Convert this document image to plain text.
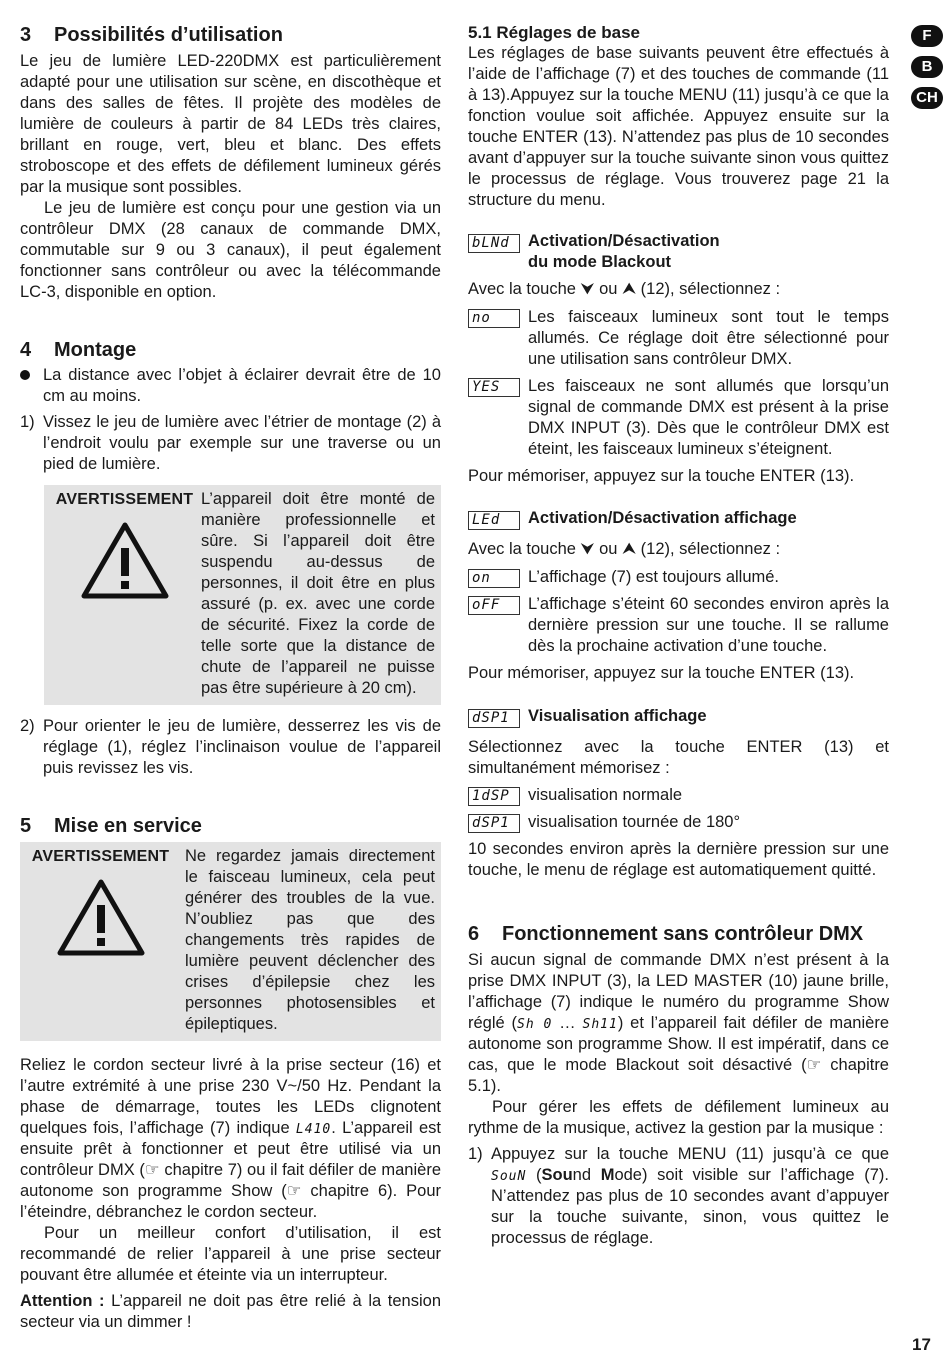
F
B
CH
3 Possibilités d’utilisation

Le jeu de lumière LED-220DMX est particulièrement adapté pour une utilisation sur scène, en discothèque et dans des salles de fêtes. Il projète des modèles de lumière de couleurs à partir de 84 LEDs très claires, brillant en rouge, vert, bleu et blanc. Des effets stroboscope et des effets de défilement lumineux gérés par la musique sont possibles.

Le jeu de lumière est conçu pour une gestion via un contrôleur DMX (28 canaux de commande DMX, commutable sur 9 ou 3 canaux), il peut également fonctionner sans contrôleur ou avec la télécommande LC-3, disponible en option.

4 Montage

La distance avec l’objet à éclairer devrait être de 10 cm au moins.

1) Vissez le jeu de lumière avec l’étrier de montage (2) à l’endroit voulu par exemple sur une traverse ou un pied de lumière.

AVERTISSEMENT L’appareil doit être monté de manière professionnelle et sûre. Si l’appareil doit être suspendu au-dessus de personnes, il doit être en plus assuré (p. ex. avec une corde de sécurité. Fixez la corde de telle sorte que la distance de chute de l’appareil ne puisse pas être supérieure à 20 cm).

2) Pour orienter le jeu de lumière, desserrez les vis de réglage (1), réglez l’inclinaison voulue de l’appareil puis revissez les vis.

5 Mise en service
AVERTISSEMENT Ne regardez jamais directement le faisceau lumineux, cela peut générer des troubles de la vue. N’oubliez pas que des changements très rapides de lumière peuvent déclencher des crises d’épilepsie chez les personnes photosensibles et épileptiques.

Reliez le cordon secteur livré à la prise secteur (16) et l’autre extrémité à une prise 230 V~/50 Hz. Pendant la phase de démarrage, toutes les LEDs clignotent quelques fois, l’affichage (7) indique L410. L’appareil est ensuite prêt à fonctionner et peut être utilisé via un contrôleur DMX (☞ chapitre 7) ou il fait défiler de manière autonome son programme Show (☞ chapitre 6). Pour l’éteindre, débranchez le cordon secteur.

Pour un meilleur confort d’utilisation, il est recommandé de relier l’appareil à une prise secteur pouvant être allumée et éteinte via un interrupteur.

Attention : L’appareil ne doit pas être relié à la tension secteur via un dimmer !

5.1 Réglages de base

Les réglages de base suivants peuvent être effectués à l’aide de l’affichage (7) et des touches de commande (11 à 13).Appuyez sur la touche MENU (11) jusqu’à ce que la fonction voulue soit affichée. Appuyez ensuite sur la touche ENTER (13). N’attendez pas plus de 10 secondes avant d’appuyer sur la touche suivante sinon vous quittez le processus de réglage. Vous trouverez page 21 la structure du menu.

bLNd	Activation/Désactivation
du mode Blackout

Avec la touche ⮟ ou ⮝ (12), sélectionnez :

no	Les faisceaux lumineux sont tout le temps allumés. Ce réglage doit être sélectionné pour une utilisation sans contrôleur DMX.

YES	Les faisceaux ne sont allumés que lorsqu’un signal de commande DMX est présent à la prise DMX INPUT (3). Dès que le contrôleur DMX est éteint, les faisceaux lumineux s’éteignent.

Pour mémoriser, appuyez sur la touche ENTER (13).

LEd	Activation/Désactivation affichage

Avec la touche ⮟ ou ⮝ (12), sélectionnez :

on	L’affichage (7) est toujours allumé.

oFF	L’affichage s’éteint 60 secondes environ après la dernière pression sur une touche. Il se rallume dès la prochaine activation d’une touche.

Pour mémoriser, appuyez sur la touche ENTER (13).

dSP1	Visualisation affichage

Sélectionnez avec la touche ENTER (13) et simultanément mémorisez :

1dSP	visualisation normale

dSP1	visualisation tournée de 180°

10 secondes environ après la dernière pression sur une touche, le menu de réglage est automatiquement quitté.

6 Fonctionnement sans contrôleur DMX

Si aucun signal de commande DMX n’est présent à la prise DMX INPUT (3), la LED MASTER (10) jaune brille, l’affichage (7) indique le numéro du programme Show réglé (Sh 0 … Sh11) et l’appareil fait défiler de manière autonome son programme Show. Il est impératif, dans ce cas, que le mode Blackout soit désactivé (☞ chapitre 5.1).

Pour gérer les effets de défilement lumineux au rythme de la musique, activez la gestion par la musique :

1) Appuyez sur la touche MENU (11) jusqu’à ce que SouN (Sound Mode) soit visible sur l’affichage (7). N’attendez pas plus de 10 secondes avant d’appuyer sur la touche suivante, sinon, vous quittez le processus de réglage.

17
